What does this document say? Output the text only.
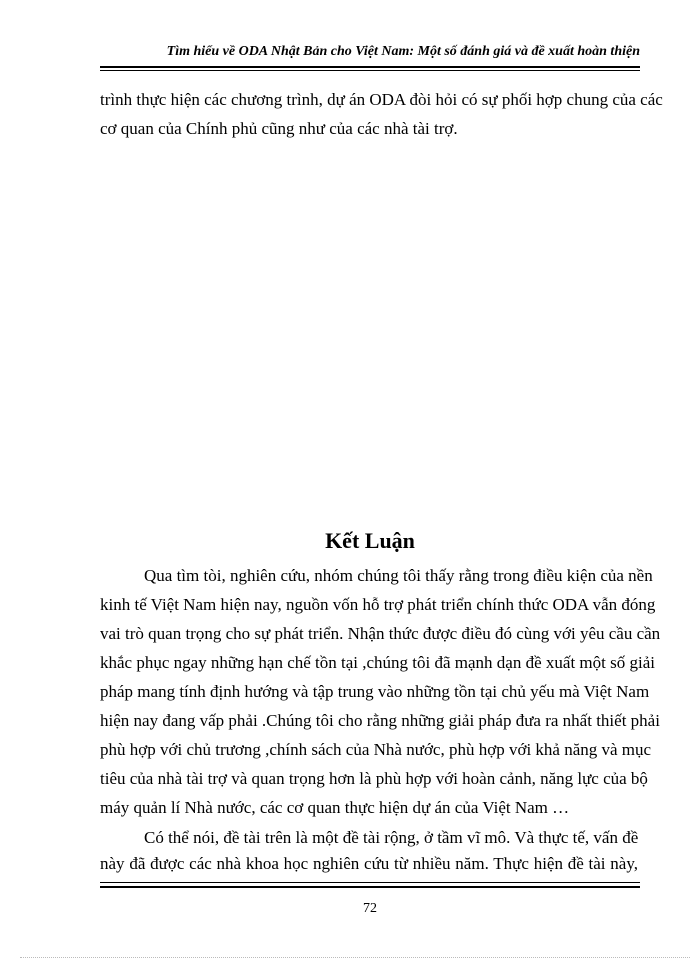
Tìm hiểu về ODA Nhật Bản cho Việt Nam: Một số đánh giá và đề xuất hoàn thiện
trình thực hiện các chương trình, dự án ODA đòi hỏi có sự phối hợp chung của các
cơ quan của Chính phủ cũng như của các nhà tài trợ.
Kết Luận
Qua tìm tòi, nghiên cứu, nhóm chúng tôi thấy rằng trong điều kiện của nền
kinh tế Việt Nam hiện nay, nguồn vốn hỗ trợ phát triển chính thức ODA vẫn đóng
vai trò quan trọng cho sự phát triển. Nhận thức được điều đó cùng với yêu cầu cần
khắc phục ngay những hạn chế tồn tại ,chúng tôi đã mạnh dạn đề xuất một số giải
pháp mang tính định hướng và tập trung vào những tồn tại chủ yếu mà Việt Nam
hiện nay đang vấp phải .Chúng tôi cho rằng những giải pháp đưa ra nhất thiết phải
phù hợp với chủ trương ,chính sách của Nhà nước, phù hợp với khả năng và mục
tiêu của nhà tài trợ và quan trọng hơn là phù hợp với hoàn cảnh, năng lực của bộ
máy quản lí Nhà nước, các cơ quan thực hiện dự án của Việt Nam …
Có thể nói, đề tài trên là một đề tài rộng, ở tầm vĩ mô. Và thực tế, vấn đề
này đã được các nhà khoa học nghiên cứu từ nhiều năm. Thực hiện đề tài này,
72
